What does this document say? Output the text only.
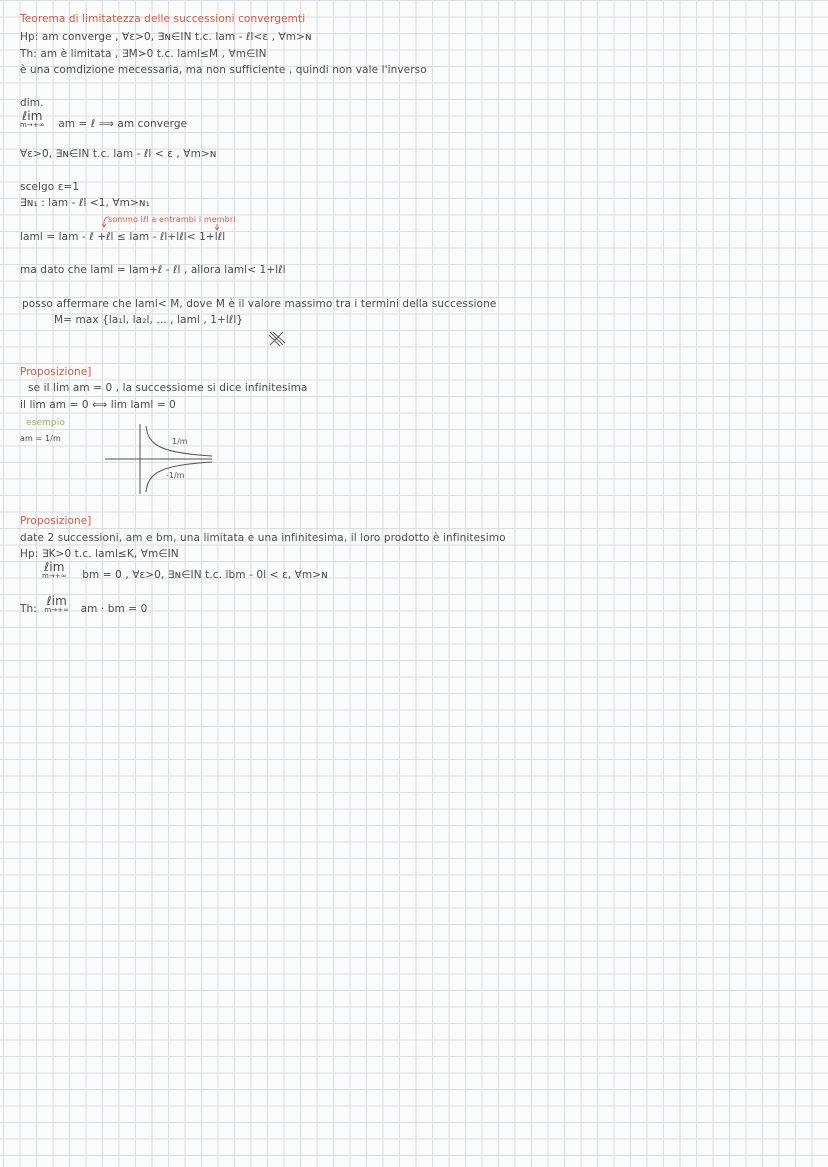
Teorema di limitatezza delle successioni convergemti
Hp: am converge , ∀ε>0, ∃ɴ∈IN t.c. lam - ℓl<ε , ∀m>ɴ
Th: am è limitata , ∃M>0 t.c. laml≤M , ∀m∈IN
è una comdizione mecessaria, ma non sufficiente , quindi non vale l'inverso
dim.
ℓim
m→+∞ am = ℓ ⟹ am converge
∀ε>0, ∃ɴ∈IN t.c. lam - ℓl < ε , ∀m>ɴ
scelgo ε=1
∃ɴ₁ : lam - ℓl <1, ∀m>ɴ₁
sommo lℓl a entrambi i membri
laml = lam - ℓ +ℓl ≤ lam - ℓl+lℓl< 1+lℓl
ma dato che laml = lam+ℓ - ℓl , allora laml< 1+lℓl
posso affermare che laml< M, dove M è il valore massimo tra i termini della successione
M= max {la₁l, la₂l, ... , laml , 1+lℓl}
Proposizione]
se il lim am = 0 , la successiome si dice infinitesima
il lim am = 0 ⟺ lim laml = 0
esempio
am = 1/m	1/m
-1/m
Proposizione]
date 2 successioni, am e bm, una limitata e una infinitesima, il loro prodotto è infinitesimo
Hp: ∃K>0 t.c. laml≤K, ∀m∈IN
ℓim
m→+∞ bm = 0 , ∀ε>0, ∃ɴ∈IN t.c. lbm - 0l < ε, ∀m>ɴ
Th:
ℓim
m→+∞ am · bm = 0
